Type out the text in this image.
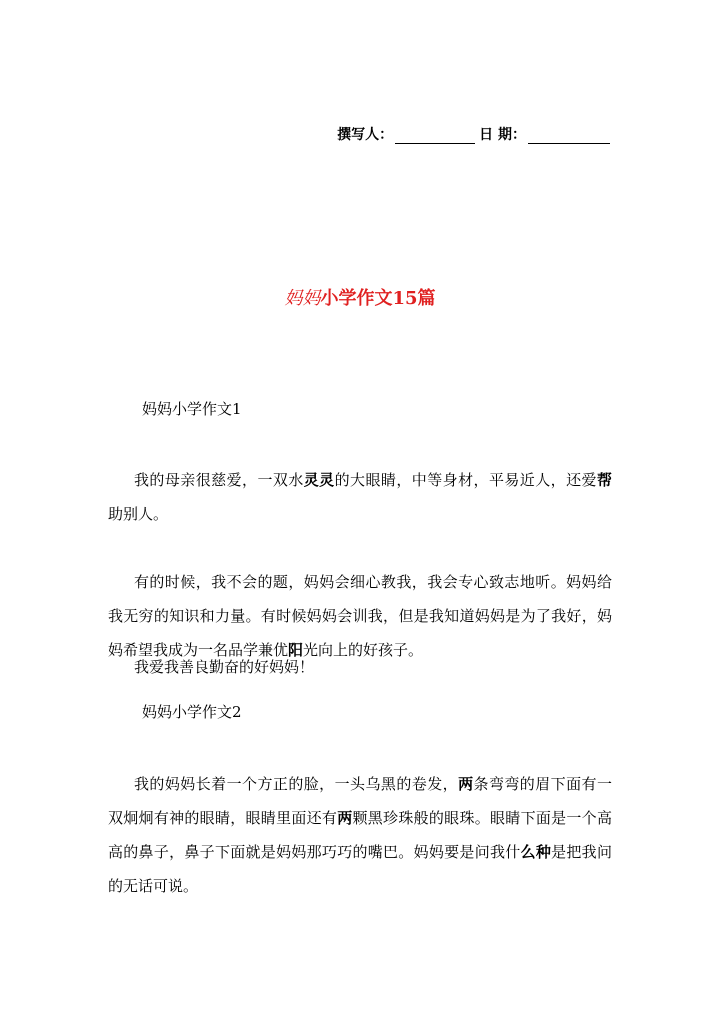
撰写人：	日 期：
妈妈小学作文15篇
妈妈小学作文1
我的母亲很慈爱，一双水灵灵的大眼睛，中等身材，平易近人，还爱帮助别人。
有的时候，我不会的题，妈妈会细心教我，我会专心致志地听。妈妈给我无穷的知识和力量。有时候妈妈会训我，但是我知道妈妈是为了我好，妈妈希望我成为一名品学兼优阳光向上的好孩子。
我爱我善良勤奋的好妈妈！
妈妈小学作文2
我的妈妈长着一个方正的脸，一头乌黑的卷发，两条弯弯的眉下面有一双炯炯有神的眼睛，眼睛里面还有两颗黑珍珠般的眼珠。眼睛下面是一个高高的鼻子，鼻子下面就是妈妈那巧巧的嘴巴。妈妈要是问我什么种是把我问的无话可说。
